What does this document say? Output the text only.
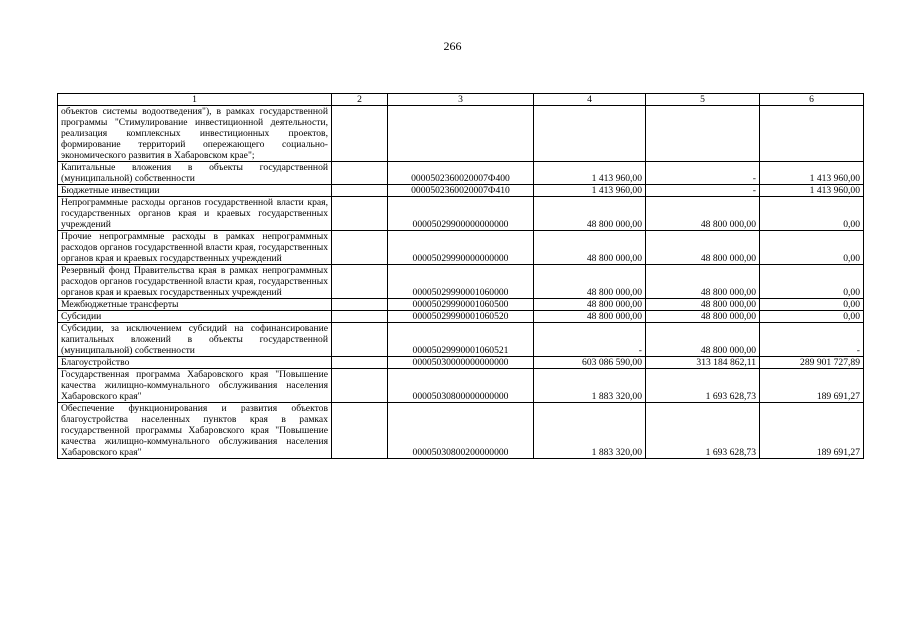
266
1	2	3	4	5	6
объектов системы водоотведения"), в рамках государственной программы "Стимулирование инвестиционной деятельности, реализация комплексных инвестиционных проектов, формирование территорий опережающего социально-экономического развития в Хабаровском крае";					
Капитальные вложения в объекты государственной (муниципальной) собственности		0000502360020007Ф400	1 413 960,00	-	1 413 960,00
Бюджетные инвестиции		0000502360020007Ф410	1 413 960,00	-	1 413 960,00
Непрограммные расходы органов государственной власти края, государственных органов края и краевых государственных учреждений		00005029900000000000	48 800 000,00	48 800 000,00	0,00
Прочие непрограммные расходы в рамках непрограммных расходов органов государственной власти края, государственных органов края и краевых государственных учреждений		00005029990000000000	48 800 000,00	48 800 000,00	0,00
Резервный фонд Правительства края в рамках непрограммных расходов органов государственной власти края, государственных органов края и краевых государственных учреждений		00005029990001060000	48 800 000,00	48 800 000,00	0,00
Межбюджетные трансферты		00005029990001060500	48 800 000,00	48 800 000,00	0,00
Субсидии		00005029990001060520	48 800 000,00	48 800 000,00	0,00
Субсидии, за исключением субсидий на софинансирование капитальных вложений в объекты государственной (муниципальной) собственности		00005029990001060521	-	48 800 000,00	-
Благоустройство		00005030000000000000	603 086 590,00	313 184 862,11	289 901 727,89
Государственная программа Хабаровского края "Повышение качества жилищно-коммунального обслуживания населения Хабаровского края"		00005030800000000000	1 883 320,00	1 693 628,73	189 691,27
Обеспечение функционирования и развития объектов благоустройства населенных пунктов края в рамках государственной программы Хабаровского края "Повышение качества жилищно-коммунального обслуживания населения Хабаровского края"		00005030800200000000	1 883 320,00	1 693 628,73	189 691,27
